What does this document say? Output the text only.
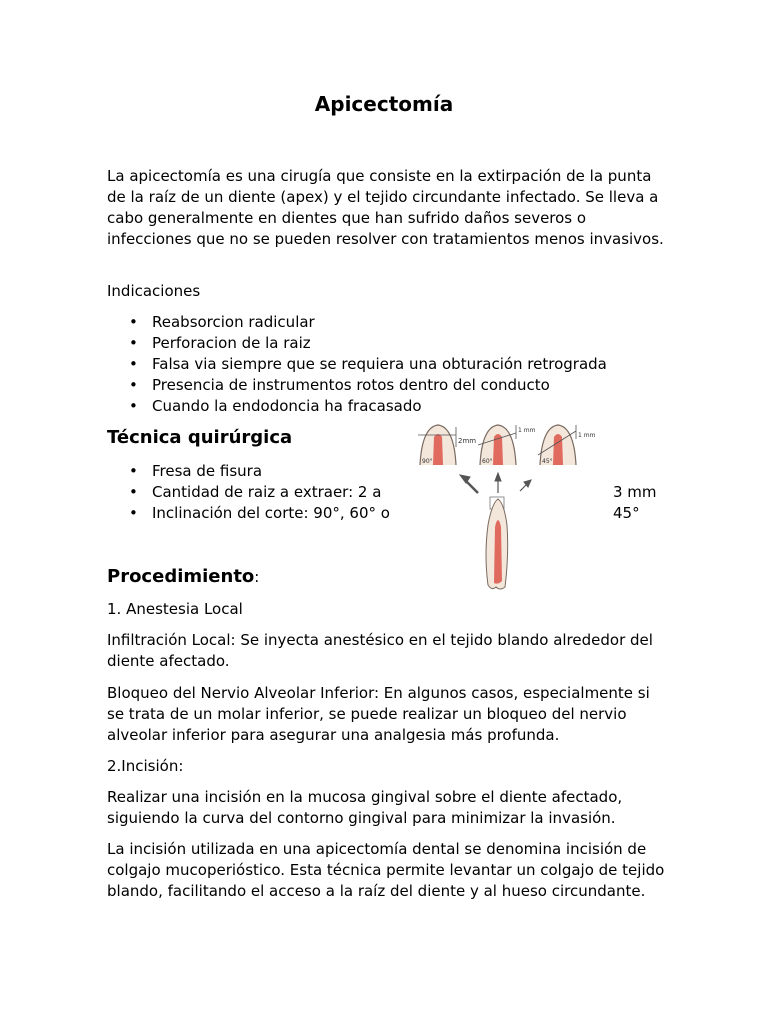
Apicectomía

La apicectomía es una cirugía que consiste en la extirpación de la punta de la raíz de un diente (apex) y el tejido circundante infectado. Se lleva a cabo generalmente en dientes que han sufrido daños severos o infecciones que no se pueden resolver con tratamientos menos invasivos.

Indicaciones

• Reabsorcion radicular
• Perforacion de la raiz
• Falsa via siempre que se requiera una obturación retrograda
• Presencia de instrumentos rotos dentro del conducto
• Cuando la endodoncia ha fracasado
Técnica quirúrgica
• Fresa de fisura
• Cantidad de raiz a extraer: 2 a
• Inclinación del corte: 90°, 60° o
3 mm
45°
2mm
90°
1 mm
60°
1 mm
45°
Procedimiento:

1. Anestesia Local

Infiltración Local: Se inyecta anestésico en el tejido blando alrededor del diente afectado.

Bloqueo del Nervio Alveolar Inferior: En algunos casos, especialmente si se trata de un molar inferior, se puede realizar un bloqueo del nervio alveolar inferior para asegurar una analgesia más profunda.

2.Incisión:

Realizar una incisión en la mucosa gingival sobre el diente afectado, siguiendo la curva del contorno gingival para minimizar la invasión.

La incisión utilizada en una apicectomía dental se denomina incisión de colgajo mucoperióstico. Esta técnica permite levantar un colgajo de tejido blando, facilitando el acceso a la raíz del diente y al hueso circundante.
